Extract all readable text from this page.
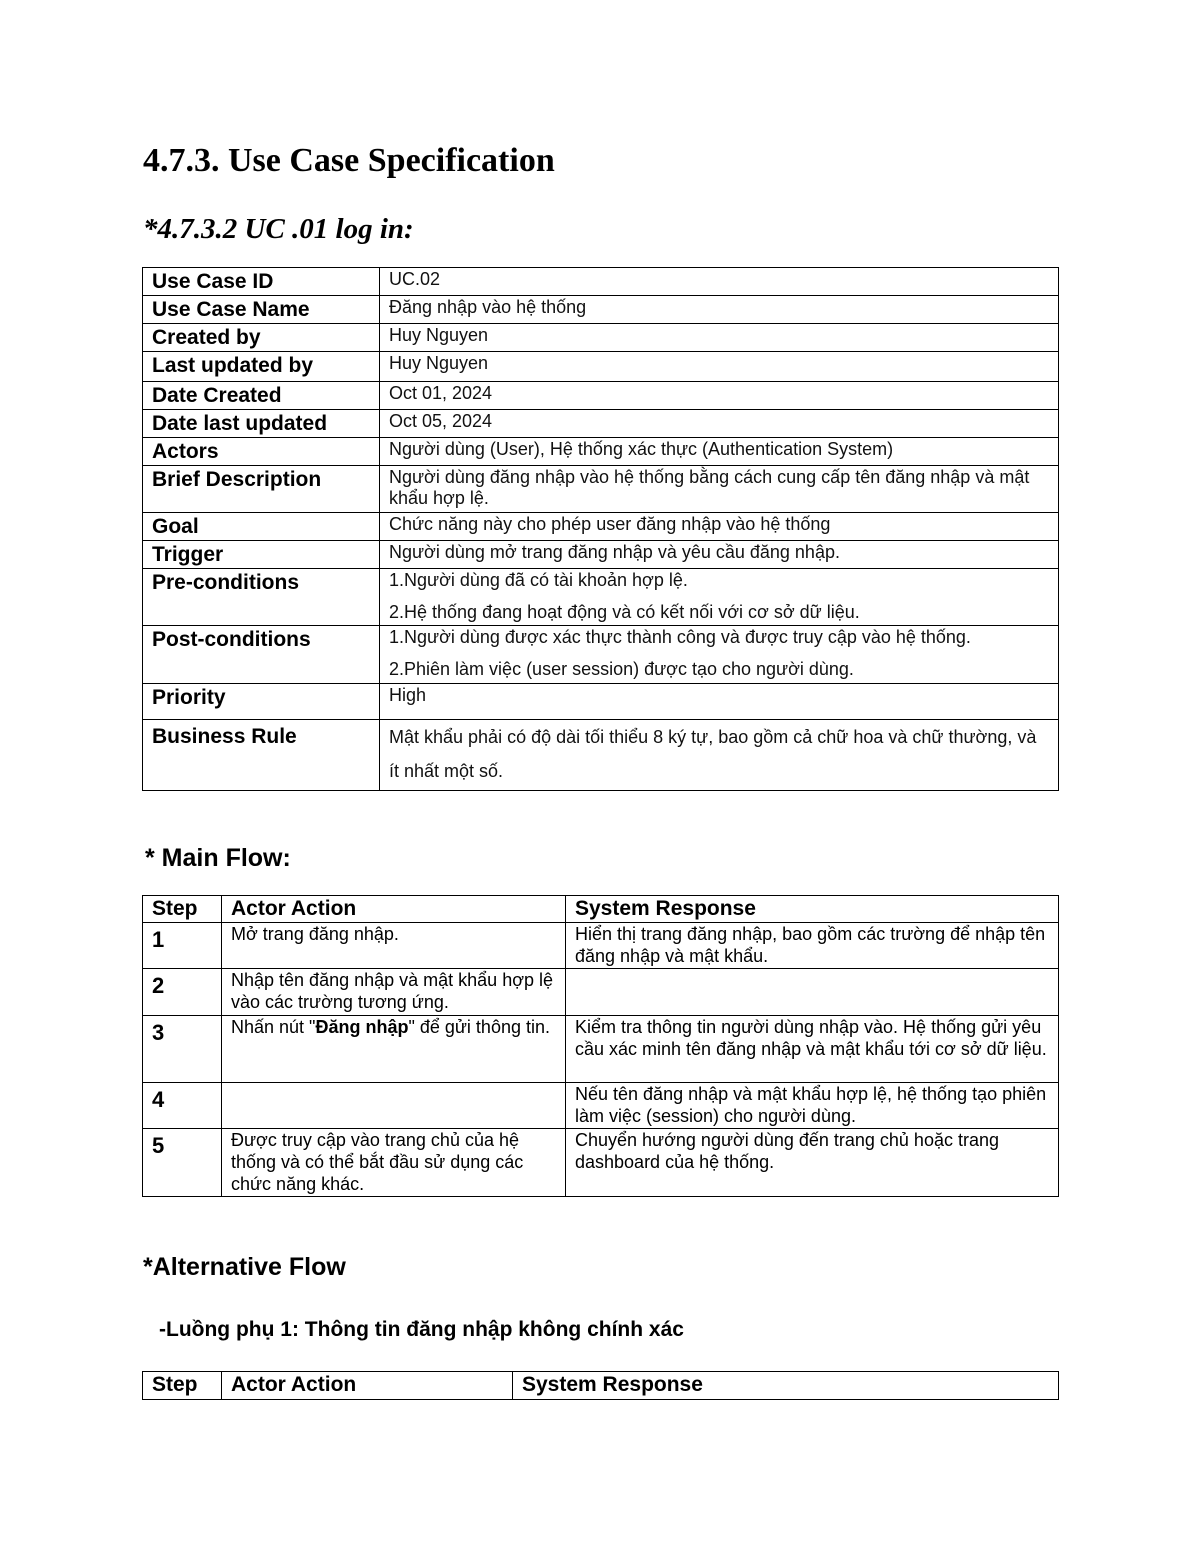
4.7.3. Use Case Specification
*4.7.3.2 UC .01 log in:
Use Case ID	UC.02

Use Case Name	Đăng nhập vào hệ thống

Created by	Huy Nguyen

Last updated by	Huy Nguyen

Date Created	Oct 01, 2024

Date last updated	Oct 05, 2024

Actors	Người dùng (User), Hệ thống xác thực (Authentication System)

Brief Description	Người dùng đăng nhập vào hệ thống bằng cách cung cấp tên đăng nhập và mật khẩu hợp lệ.

Goal	Chức năng này cho phép user đăng nhập vào hệ thống

Trigger	Người dùng mở trang đăng nhập và yêu cầu đăng nhập.

Pre-conditions	1.Người dùng đã có tài khoản hợp lệ.
2.Hệ thống đang hoạt động và có kết nối với cơ sở dữ liệu.

Post-conditions	1.Người dùng được xác thực thành công và được truy cập vào hệ thống.
2.Phiên làm việc (user session) được tạo cho người dùng.

Priority	High

Business Rule	Mật khẩu phải có độ dài tối thiểu 8 ký tự, bao gồm cả chữ hoa và chữ thường, và ít nhất một số.
* Main Flow:
Step	Actor Action	System Response
1	Mở trang đăng nhập.	Hiển thị trang đăng nhập, bao gồm các trường để nhập tên đăng nhập và mật khẩu.
2	Nhập tên đăng nhập và mật khẩu hợp lệ vào các trường tương ứng.	
3	Nhấn nút "Đăng nhập" để gửi thông tin.	Kiểm tra thông tin người dùng nhập vào. Hệ thống gửi yêu cầu xác minh tên đăng nhập và mật khẩu tới cơ sở dữ liệu.
4		Nếu tên đăng nhập và mật khẩu hợp lệ, hệ thống tạo phiên làm việc (session) cho người dùng.
5	Được truy cập vào trang chủ của hệ thống và có thể bắt đầu sử dụng các chức năng khác.	Chuyển hướng người dùng đến trang chủ hoặc trang dashboard của hệ thống.
*Alternative Flow
-Luồng phụ 1: Thông tin đăng nhập không chính xác
Step	Actor Action	System Response
